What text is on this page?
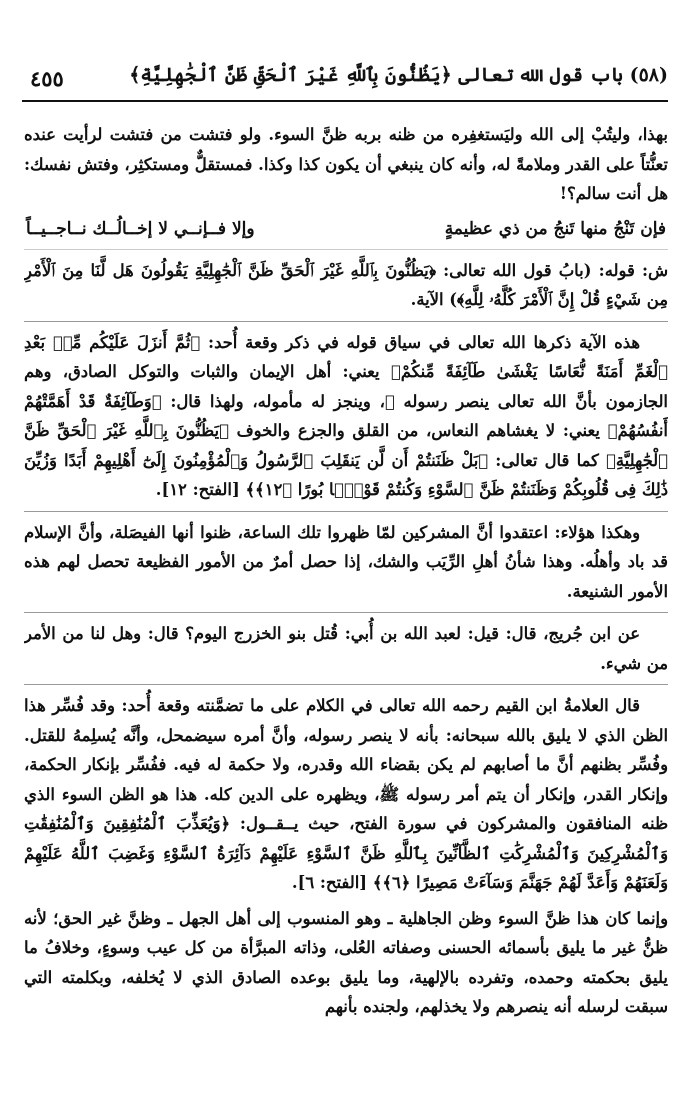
٤٥٥	(٥٨) باب قول الله تعالى ﴿يَظُنُّونَ بِٱللَّهِ غَيْرَ ٱلْحَقِّ ظَنَّ ٱلْجَٰهِلِيَّةِ﴾

بهذا، وليتُبْ إلى الله وليَستغفِره من ظنه بربه ظنَّ السوء. ولو فتشت من فتشت لرأيت عنده تعنُّتاً على القدر وملامةً له، وأنه كان ينبغي أن يكون كذا وكذا. فمستقلٌّ ومستكثِر، وفتش نفسك: هل أنت سالم؟!

فإن تَنْجُ منها تَنجُ من ذي عظيمةٍ
وإلا فــإنــي لا إخــالُــك نــاجــيــاً

ش: قوله: (بابُ قول الله تعالى: ﴿يَظُنُّونَ بِٱللَّهِ غَيْرَ ٱلْحَقِّ ظَنَّ ٱلْجَٰهِلِيَّةِ يَقُولُونَ هَل لَّنَا مِنَ ٱلْأَمْرِ مِن شَيْءٍ قُلْ إِنَّ ٱلْأَمْرَ كُلَّهُۥ لِلَّهِ﴾) الآية.

هذه الآية ذكرها الله تعالى في سياق قوله في ذكر وقعة أُحد: ﴿ثُمَّ أَنزَلَ عَلَيْكُم مِّنۢ بَعْدِ ٱلْغَمِّ أَمَنَةً نُّعَاسًا يَغْشَىٰ طَآئِفَةً مِّنكُمْ﴾ يعني: أهل الإيمان والثبات والتوكل الصادق، وهم الجازمون بأنَّ الله تعالى ينصر رسوله ﷺ، وينجز له مأموله، ولهذا قال: ﴿وَطَآئِفَةٌ قَدْ أَهَمَّتْهُمْ أَنفُسُهُمْ﴾ يعني: لا يغشاهم النعاس، من القلق والجزع والخوف ﴿يَظُنُّونَ بِٱللَّهِ غَيْرَ ٱلْحَقِّ ظَنَّ ٱلْجَٰهِلِيَّةِ﴾ كما قال تعالى: ﴿بَلْ ظَنَنتُمْ أَن لَّن يَنقَلِبَ ٱلرَّسُولُ وَٱلْمُؤْمِنُونَ إِلَىٰٓ أَهْلِيهِمْ أَبَدًا وَزُيِّنَ ذَٰلِكَ فِى قُلُوبِكُمْ وَظَنَنتُمْ ظَنَّ ٱلسَّوْءِ وَكُنتُمْ قَوْمًۢا بُورًا ﴿١٢﴾﴾ [الفتح: ١٢].

وهكذا هؤلاء: اعتقدوا أنَّ المشركين لمّا ظهروا تلك الساعة، ظنوا أنها الفيصَلة، وأنَّ الإسلام قد باد وأهلُه. وهذا شأنُ أهلِ الرِّيَب والشك، إذا حصل أمرٌ من الأمور الفظيعة تحصل لهم هذه الأمور الشنيعة.

عن ابن جُريج، قال: قيل: لعبد الله بن أُبي: قُتل بنو الخزرج اليوم؟ قال: وهل لنا من الأمر من شيء.

قال العلامةُ ابن القيم رحمه الله تعالى في الكلام على ما تضمَّنته وقعة أُحد: وقد فُسِّر هذا الظن الذي لا يليق بالله سبحانه: بأنه لا ينصر رسوله، وأنَّ أمره سيضمحل، وأنَّه يُسلِمهُ للقتل. وفُسِّر بظنهم أنَّ ما أصابهم لم يكن بقضاء الله وقدره، ولا حكمة له فيه. ففُسِّر بإنكار الحكمة، وإنكار القدر، وإنكار أن يتم أمر رسوله ﷺ، ويظهره على الدين كله. هذا هو الظن السوء الذي ظنه المنافقون والمشركون في سورة الفتح، حيث يــقــول: ﴿وَيُعَذِّبَ ٱلْمُنَٰفِقِينَ وَٱلْمُنَٰفِقَٰتِ وَٱلْمُشْرِكِينَ وَٱلْمُشْرِكَٰتِ ٱلظَّآنِّينَ بِٱللَّهِ ظَنَّ ٱلسَّوْءِ عَلَيْهِمْ دَآئِرَةُ ٱلسَّوْءِ وَغَضِبَ ٱللَّهُ عَلَيْهِمْ وَلَعَنَهُمْ وَأَعَدَّ لَهُمْ جَهَنَّمَ وَسَآءَتْ مَصِيرًا ﴿٦﴾﴾ [الفتح: ٦].

وإنما كان هذا ظنَّ السوء وظن الجاهلية ـ وهو المنسوب إلى أهل الجهل ـ وظنَّ غير الحق؛ لأنه ظنُّ غير ما يليق بأسمائه الحسنى وصفاته العُلى، وذاته المبرَّأة من كل عيب وسوءٍ، وخلافُ ما يليق بحكمته وحمده، وتفرده بالإلهية، وما يليق بوعده الصادق الذي لا يُخلفه، وبكلمته التي سبقت لرسله أنه ينصرهم ولا يخذلهم، ولجنده بأنهم
